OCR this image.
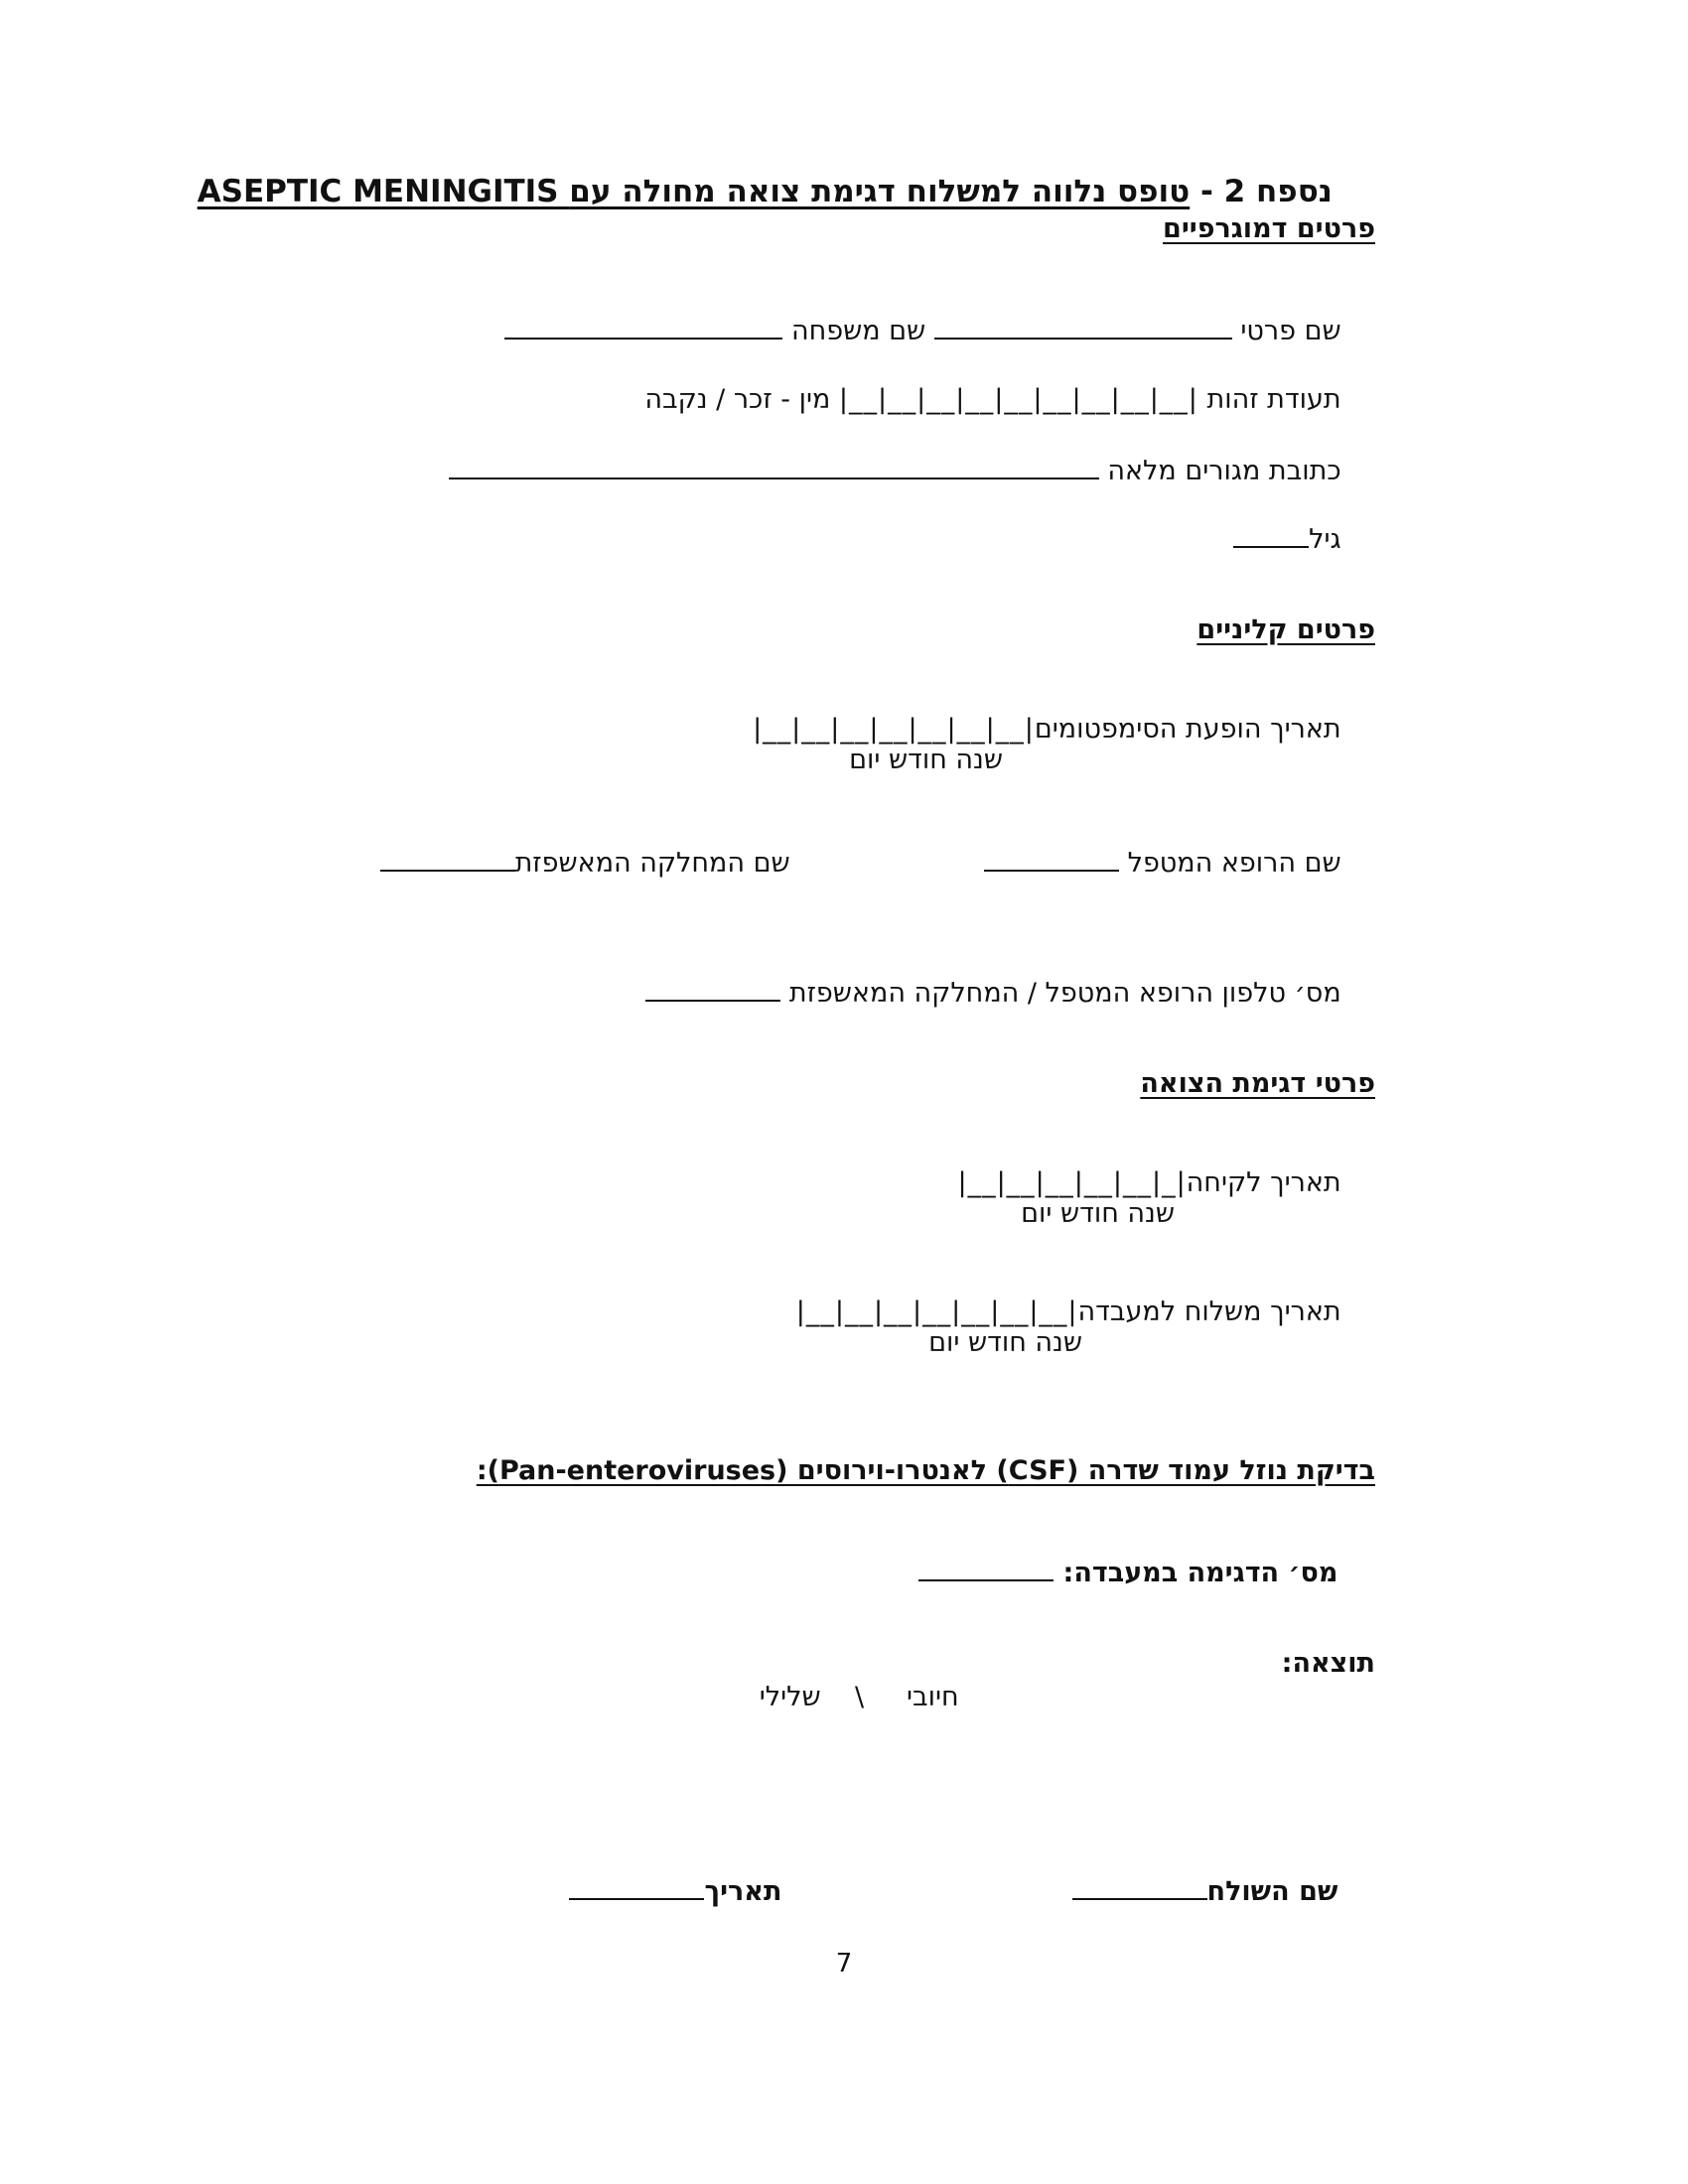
נספח 2 - טופס נלווה למשלוח דגימת צואה מחולה עם ASEPTIC MENINGITIS

פרטים דמוגרפיים

שם פרטי  שם משפחה

תעודת זהות |__|__|__|__|__|__|__|__|__| מין - זכר / נקבה

כתובת מגורים מלאה

גיל

פרטים קליניים

תאריך הופעת הסימפטומים|__|__|__|__|__|__|__|

שנה חודש יום

שם הרופא המטפל

שם המחלקה המאשפזת

מס׳ טלפון הרופא המטפל / המחלקה המאשפזת

פרטי דגימת הצואה

תאריך לקיחה|__|__|__|__|__|_|

שנה חודש יום

תאריך משלוח למעבדה|__|__|__|__|__|__|__|

שנה חודש יום
בדיקת נוזל עמוד שדרה (CSF) לאנטרו-וירוסים (Pan-enteroviruses):

מס׳ הדגימה במעבדה:

תוצאה:

חיובי     \    שלילי

שם השולח

תאריך

7
